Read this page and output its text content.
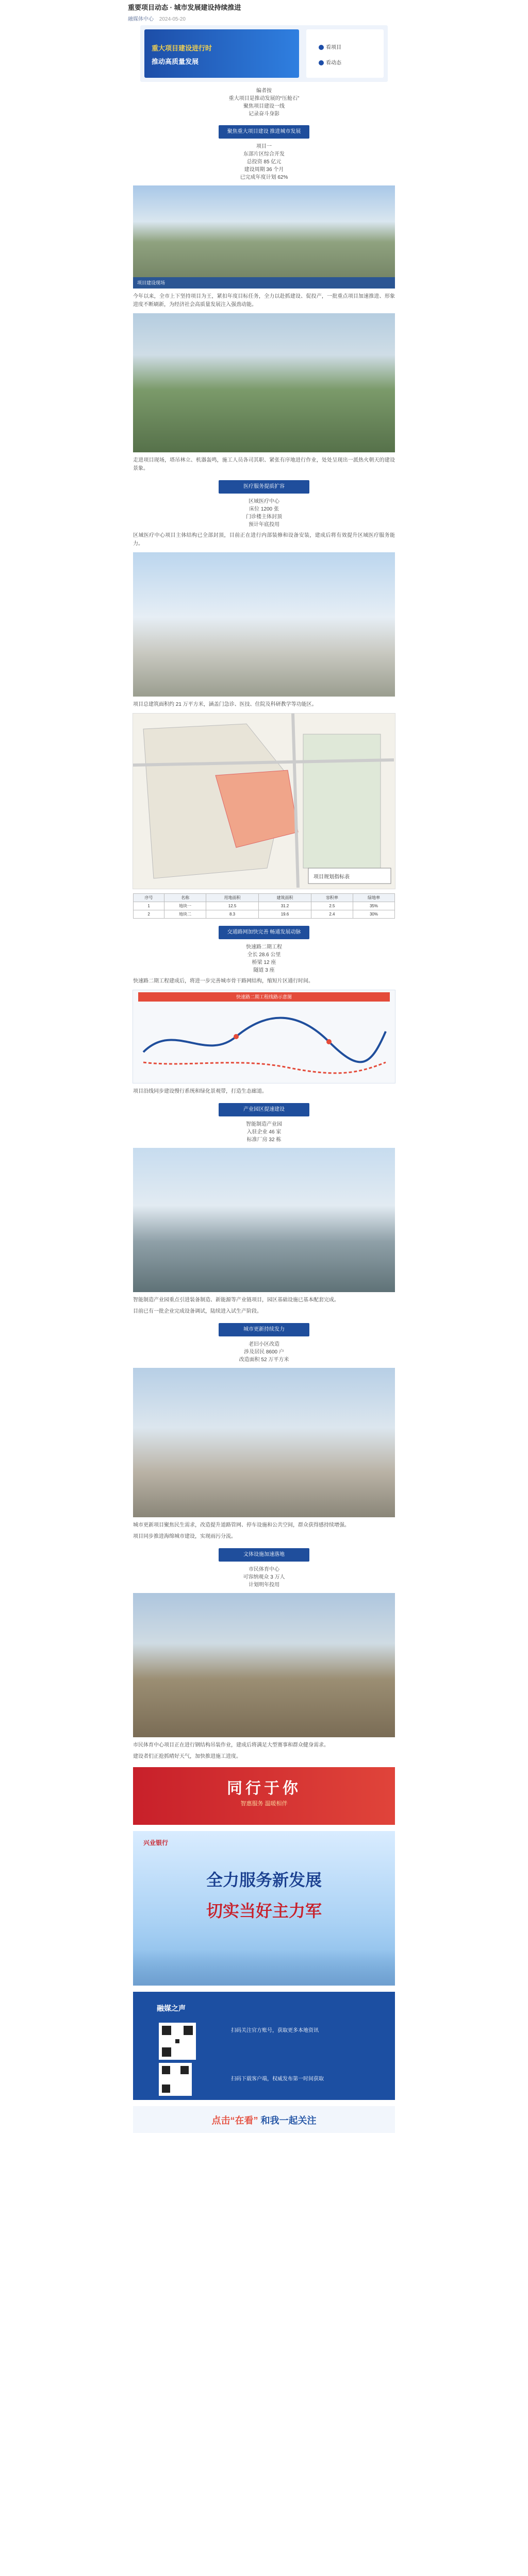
重要项目动态 · 城市发展建设持续推进
融媒体中心 2024-05-20
重大项目建设进行时
推动高质量发展
看项目
看动态
编者按
重大项目是推动发展的“压舱石”
聚焦项目建设一线
记录奋斗身影
聚焦重大项目建设 推进城市发展
项目一
东部片区综合开发
总投资 85 亿元
建设周期 36 个月
已完成年度计划 62%
项目建设现场
今年以来，全市上下坚持项目为王，紧扣年度目标任务，全力以赴抓建设、促投产，一批重点项目加速推进、形象进度不断刷新，为经济社会高质量发展注入强劲动能。
走进项目现场，塔吊林立、机器轰鸣，施工人员各司其职、紧张有序地进行作业，处处呈现出一派热火朝天的建设景象。
医疗服务提质扩容
区域医疗中心
床位 1200 张
门诊楼主体封顶
预计年底投用
区域医疗中心项目主体结构已全部封顶，目前正在进行内部装修和设备安装，建成后将有效提升区域医疗服务能力。
项目总建筑面积约 21 万平方米，涵盖门急诊、医技、住院及科研教学等功能区。
项目规划指标表
序号	名称	用地面积	建筑面积	容积率	绿地率
1	地块一	12.5	31.2	2.5	35%
2	地块二	8.3	19.6	2.4	30%
交通路网加快完善 畅通发展动脉
快速路二期工程
全长 28.6 公里
桥梁 12 座
隧道 3 座
快速路二期工程建成后，将进一步完善城市骨干路网结构，缩短片区通行时间。
快速路二期工程线路示意图
项目沿线同步建设慢行系统和绿化景观带，打造生态廊道。
产业园区提速建设
智能制造产业园
入驻企业 46 家
标准厂房 32 栋
智能制造产业园重点引进装备制造、新能源等产业链项目，园区基础设施已基本配套完成。
目前已有一批企业完成设备调试，陆续进入试生产阶段。
城市更新持续发力
老旧小区改造
涉及居民 8600 户
改造面积 52 万平方米
城市更新项目聚焦民生需求，改造提升道路管网、停车设施和公共空间，群众获得感持续增强。
项目同步推进海绵城市建设，实现雨污分流。
文体设施加速落地
市民体育中心
可容纳观众 3 万人
计划明年投用
市民体育中心项目正在进行钢结构吊装作业，建成后将满足大型赛事和群众健身需求。
建设者们正抢抓晴好天气，加快推进施工进度。
同行于你
智惠服务 温暖相伴
兴业银行
全力服务新发展
切实当好主力军
融媒之声
扫码关注官方账号，获取更多本地资讯
扫码下载客户端，权威发布第一时间获取
点击“在看” 和我一起关注
